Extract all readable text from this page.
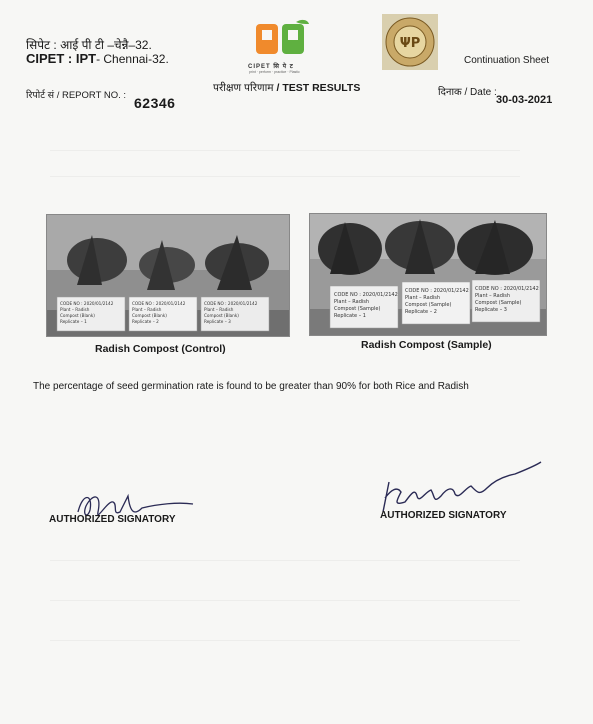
सिपेट : आई पी टी –चेन्नै–32.
CIPET : IPT- Chennai-32.
CIPET सि पे ट
print · perform · practice · Plastic
ΨP
Continuation Sheet
रिपोर्ट सं / REPORT NO. : 62346
परीक्षण परिणाम / TEST RESULTS	दिनाक / Date :
30-03-2021
CODE NO : 2020/01/2142
Plant – Radish
Compost (Blank)
Replicate – 1
CODE NO : 2020/01/2142
Plant – Radish
Compost (Blank)
Replicate – 2
CODE NO : 2020/01/2142
Plant – Radish
Compost (Blank)
Replicate – 3
Radish Compost (Control)
CODE NO : 2020/01/2142
Plant – Radish
Compost (Sample)
Replicate – 1
CODE NO : 2020/01/2142
Plant – Radish
Compost (Sample)
Replicate – 2
CODE NO : 2020/01/2142
Plant – Radish
Compost (Sample)
Replicate – 3
Radish Compost (Sample)
The percentage of seed germination rate is found to be greater than 90% for both Rice and Radish
AUTHORIZED SIGNATORY	AUTHORIZED SIGNATORY
